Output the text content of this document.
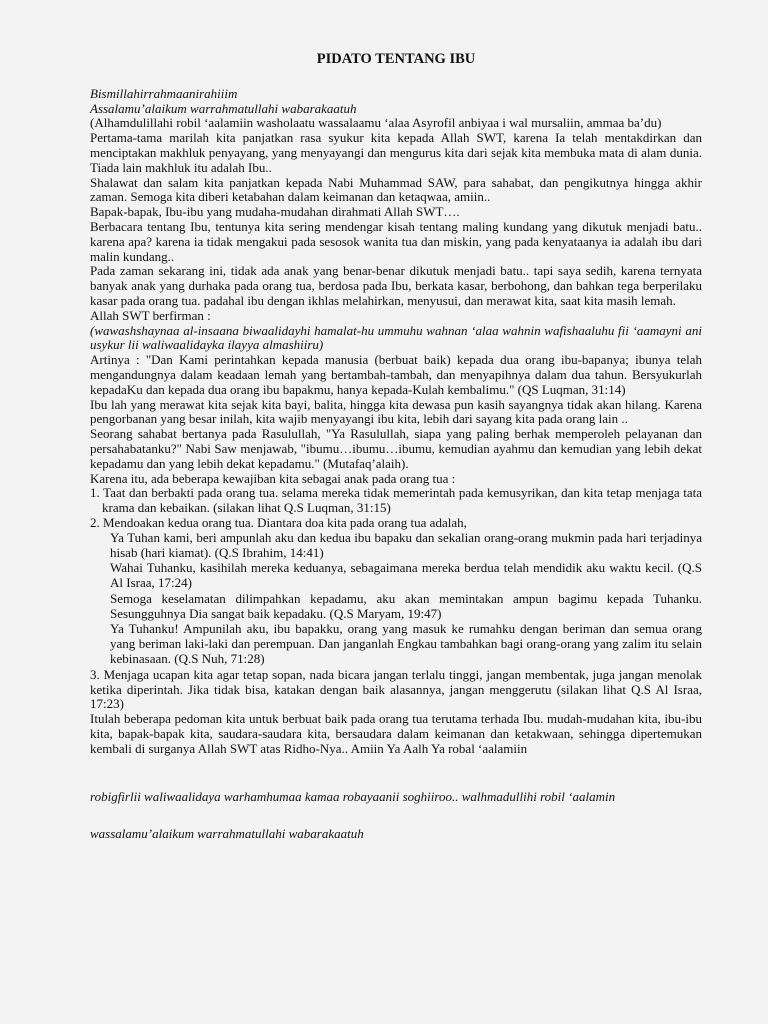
PIDATO TENTANG IBU

Bismillahirrahmaanirahiiim

Assalamu’alaikum warrahmatullahi wabarakaatuh

(Alhamdulillahi robil ‘aalamiin washolaatu wassalaamu ‘alaa Asyrofil anbiyaa i wal mursaliin, ammaa ba’du)

Pertama-tama marilah kita panjatkan rasa syukur kita kepada Allah SWT, karena Ia telah mentakdirkan dan menciptakan makhluk penyayang, yang menyayangi dan mengurus kita dari sejak kita membuka mata di alam dunia. Tiada lain makhluk itu adalah Ibu..

Shalawat dan salam kita panjatkan kepada Nabi Muhammad SAW, para sahabat, dan pengikutnya hingga akhir zaman. Semoga kita diberi ketabahan dalam keimanan dan ketaqwaa, amiin..

Bapak-bapak, Ibu-ibu yang mudaha-mudahan dirahmati Allah SWT….

Berbacara tentang Ibu, tentunya kita sering mendengar kisah tentang maling kundang yang dikutuk menjadi batu.. karena apa? karena ia tidak mengakui pada sesosok wanita tua dan miskin, yang pada kenyataanya ia adalah ibu dari malin kundang..

Pada zaman sekarang ini, tidak ada anak yang benar-benar dikutuk menjadi batu.. tapi saya sedih, karena ternyata banyak anak yang durhaka pada orang tua, berdosa pada Ibu, berkata kasar, berbohong, dan bahkan tega berperilaku kasar pada orang tua. padahal ibu dengan ikhlas melahirkan, menyusui, dan merawat kita, saat kita masih lemah.

Allah SWT berfirman :

(wawashshaynaa al-insaana biwaalidayhi hamalat-hu ummuhu wahnan ‘alaa wahnin wafishaaluhu fii ‘aamayni ani usykur lii waliwaalidayka ilayya almashiiru)

Artinya : "Dan Kami perintahkan kepada manusia (berbuat baik) kepada dua orang ibu-bapanya; ibunya telah mengandungnya dalam keadaan lemah yang bertambah-tambah, dan menyapihnya dalam dua tahun. Bersyukurlah kepadaKu dan kepada dua orang ibu bapakmu, hanya kepada-Kulah kembalimu." (QS Luqman, 31:14)

Ibu lah yang merawat kita sejak kita bayi, balita, hingga kita dewasa pun kasih sayangnya tidak akan hilang. Karena pengorbanan yang besar inilah, kita wajib menyayangi ibu kita, lebih dari sayang kita pada orang lain ..

Seorang sahabat bertanya pada Rasulullah, "Ya Rasulullah, siapa yang paling berhak memperoleh pelayanan dan persahabatanku?" Nabi Saw menjawab, "ibumu…ibumu…ibumu, kemudian ayahmu dan kemudian yang lebih dekat kepadamu dan yang lebih dekat kepadamu." (Mutafaq’alaih).

Karena itu, ada beberapa kewajiban kita sebagai anak pada orang tua :

1. Taat dan berbakti pada orang tua. selama mereka tidak memerintah pada kemusyrikan, dan kita tetap menjaga tata krama dan kebaikan. (silakan lihat Q.S Luqman, 31:15)

2. Mendoakan kedua orang tua. Diantara doa kita pada orang tua adalah,

Ya Tuhan kami, beri ampunlah aku dan kedua ibu bapaku dan sekalian orang-orang mukmin pada hari terjadinya hisab (hari kiamat). (Q.S Ibrahim, 14:41)

Wahai Tuhanku, kasihilah mereka keduanya, sebagaimana mereka berdua telah mendidik aku waktu kecil. (Q.S Al Israa, 17:24)

Semoga keselamatan dilimpahkan kepadamu, aku akan memintakan ampun bagimu kepada Tuhanku. Sesungguhnya Dia sangat baik kepadaku. (Q.S Maryam, 19:47)

Ya Tuhanku! Ampunilah aku, ibu bapakku, orang yang masuk ke rumahku dengan beriman dan semua orang yang beriman laki-laki dan perempuan. Dan janganlah Engkau tambahkan bagi orang-orang yang zalim itu selain kebinasaan. (Q.S Nuh, 71:28)

3. Menjaga ucapan kita agar tetap sopan, nada bicara jangan terlalu tinggi, jangan membentak, juga jangan menolak ketika diperintah. Jika tidak bisa, katakan dengan baik alasannya, jangan menggerutu (silakan lihat Q.S Al Israa, 17:23)

Itulah beberapa pedoman kita untuk berbuat baik pada orang tua terutama terhada Ibu. mudah-mudahan kita, ibu-ibu kita, bapak-bapak kita, saudara-saudara kita, bersaudara dalam keimanan dan ketakwaan, sehingga dipertemukan kembali di surganya Allah SWT atas Ridho-Nya.. Amiin Ya Aalh Ya robal ‘aalamiin

robigfirlii waliwaalidaya warhamhumaa kamaa robayaanii soghiiroo.. walhmadullihi robil ‘aalamin

wassalamu’alaikum warrahmatullahi wabarakaatuh
